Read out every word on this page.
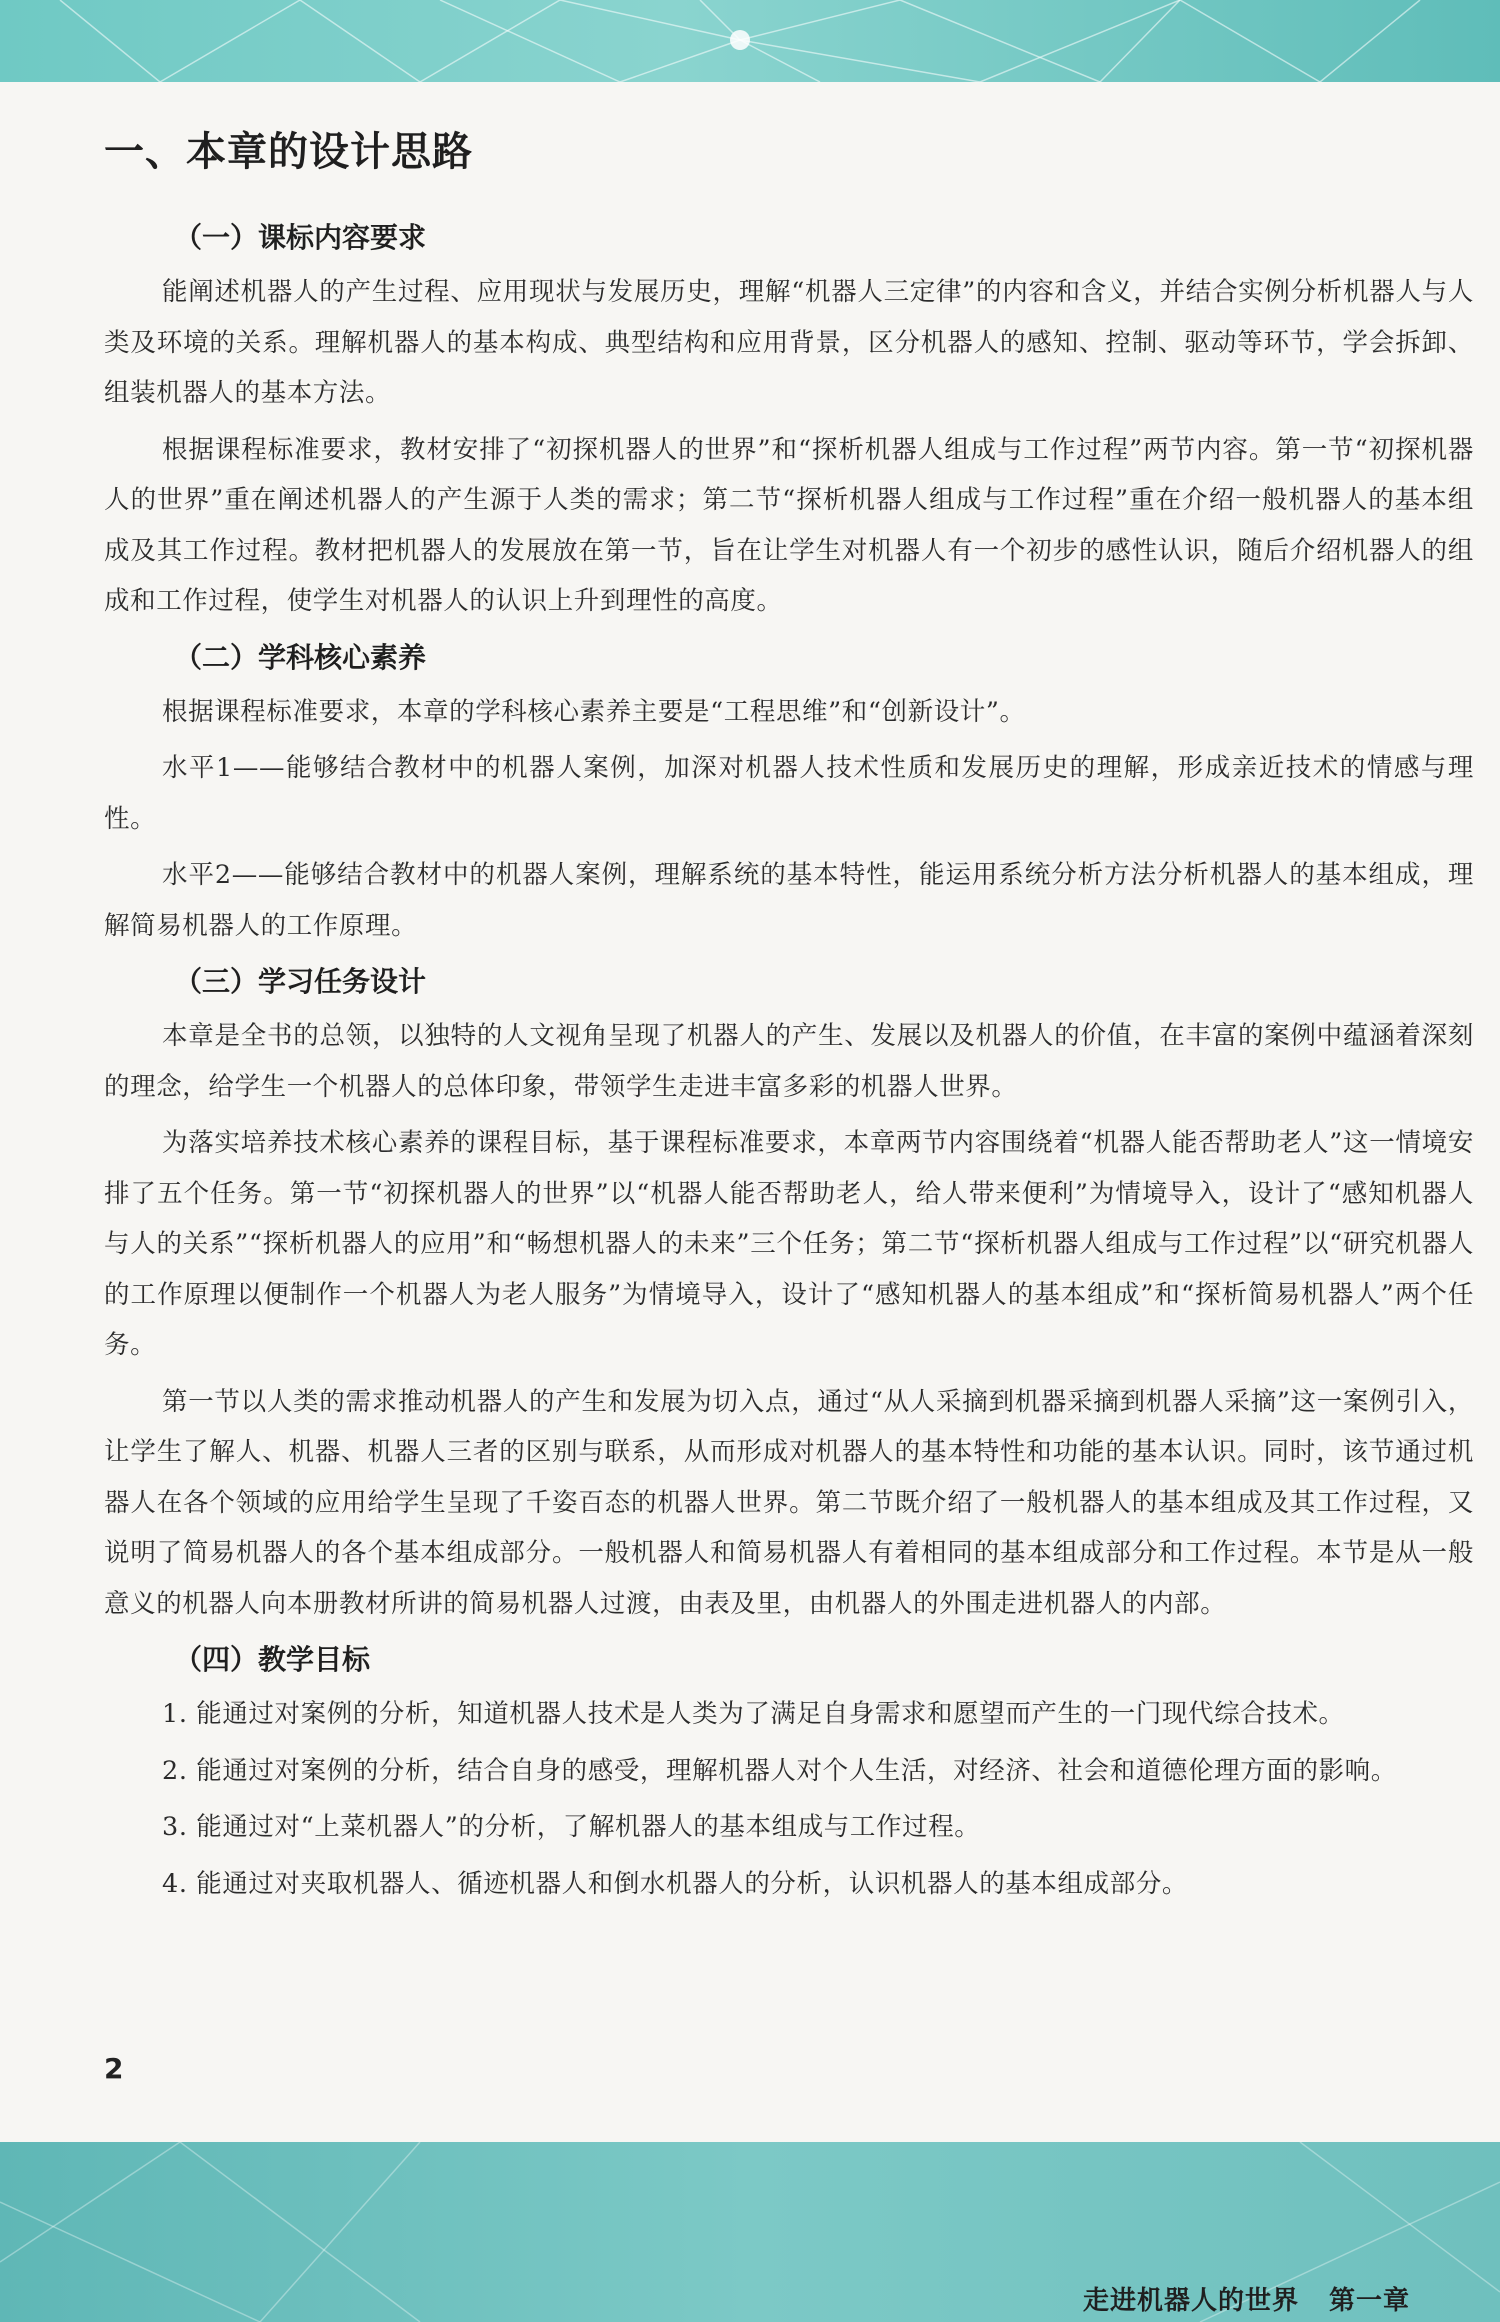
一、本章的设计思路
（一）课标内容要求

能阐述机器人的产生过程、应用现状与发展历史，理解“机器人三定律”的内容和含义，并结合实例分析机器人与人类及环境的关系。理解机器人的基本构成、典型结构和应用背景，区分机器人的感知、控制、驱动等环节，学会拆卸、组装机器人的基本方法。

根据课程标准要求，教材安排了“初探机器人的世界”和“探析机器人组成与工作过程”两节内容。第一节“初探机器人的世界”重在阐述机器人的产生源于人类的需求；第二节“探析机器人组成与工作过程”重在介绍一般机器人的基本组成及其工作过程。教材把机器人的发展放在第一节，旨在让学生对机器人有一个初步的感性认识，随后介绍机器人的组成和工作过程，使学生对机器人的认识上升到理性的高度。

（二）学科核心素养

根据课程标准要求，本章的学科核心素养主要是“工程思维”和“创新设计”。

水平1——能够结合教材中的机器人案例，加深对机器人技术性质和发展历史的理解，形成亲近技术的情感与理性。

水平2——能够结合教材中的机器人案例，理解系统的基本特性，能运用系统分析方法分析机器人的基本组成，理解简易机器人的工作原理。

（三）学习任务设计

本章是全书的总领，以独特的人文视角呈现了机器人的产生、发展以及机器人的价值，在丰富的案例中蕴涵着深刻的理念，给学生一个机器人的总体印象，带领学生走进丰富多彩的机器人世界。

为落实培养技术核心素养的课程目标，基于课程标准要求，本章两节内容围绕着“机器人能否帮助老人”这一情境安排了五个任务。第一节“初探机器人的世界”以“机器人能否帮助老人，给人带来便利”为情境导入，设计了“感知机器人与人的关系”“探析机器人的应用”和“畅想机器人的未来”三个任务；第二节“探析机器人组成与工作过程”以“研究机器人的工作原理以便制作一个机器人为老人服务”为情境导入，设计了“感知机器人的基本组成”和“探析简易机器人”两个任务。

第一节以人类的需求推动机器人的产生和发展为切入点，通过“从人采摘到机器采摘到机器人采摘”这一案例引入，让学生了解人、机器、机器人三者的区别与联系，从而形成对机器人的基本特性和功能的基本认识。同时，该节通过机器人在各个领域的应用给学生呈现了千姿百态的机器人世界。第二节既介绍了一般机器人的基本组成及其工作过程，又说明了简易机器人的各个基本组成部分。一般机器人和简易机器人有着相同的基本组成部分和工作过程。本节是从一般意义的机器人向本册教材所讲的简易机器人过渡，由表及里，由机器人的外围走进机器人的内部。

（四）教学目标

1. 能通过对案例的分析，知道机器人技术是人类为了满足自身需求和愿望而产生的一门现代综合技术。

2. 能通过对案例的分析，结合自身的感受，理解机器人对个人生活，对经济、社会和道德伦理方面的影响。

3. 能通过对“上菜机器人”的分析，了解机器人的基本组成与工作过程。

4. 能通过对夹取机器人、循迹机器人和倒水机器人的分析，认识机器人的基本组成部分。

2
走进机器人的世界 第一章
